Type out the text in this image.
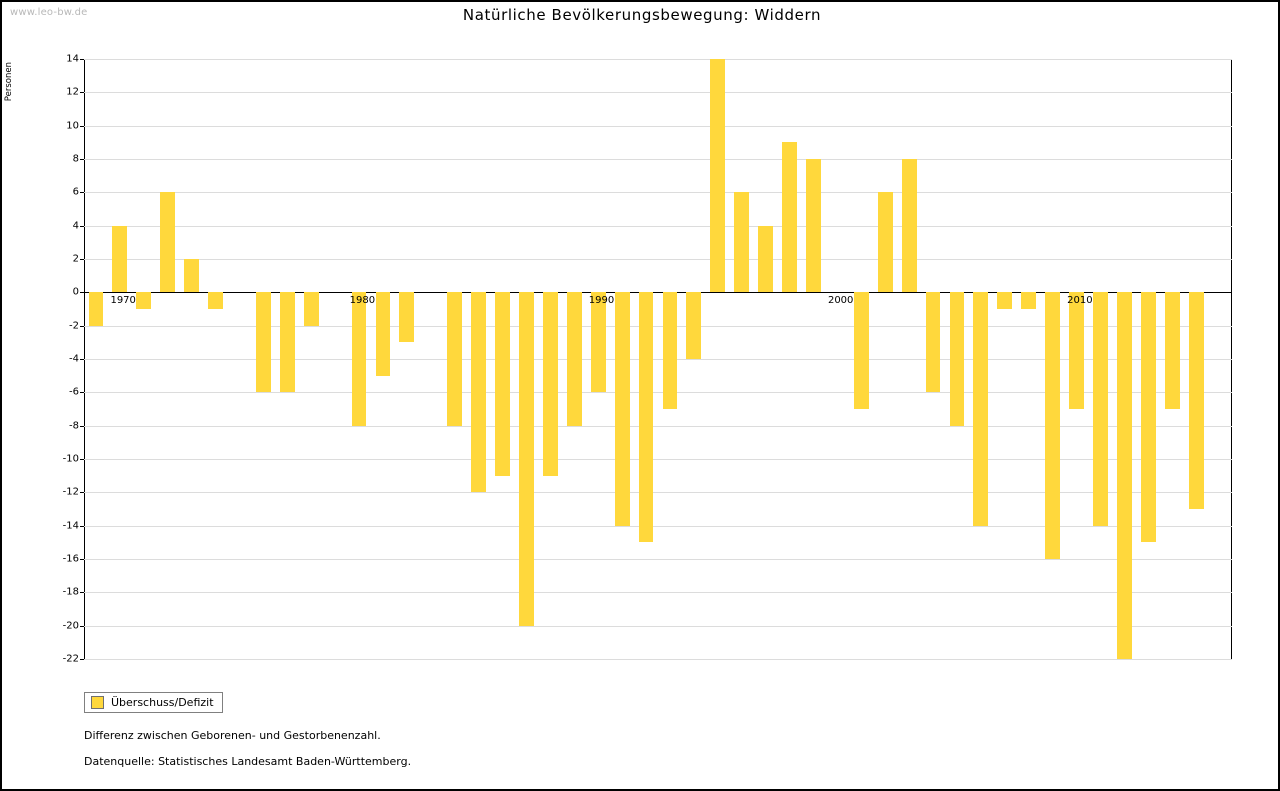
www.leo-bw.de	Natürliche Bevölkerungsbewegung: Widdern
Personen
14
12
10
8
6
4
2
0
-2
-4
-6
-8
-10
-12
-14
-16
-18
-20
-22
1970	1980	1990	2000	2010
Überschuss/Defizit
Differenz zwischen Geborenen- und Gestorbenenzahl.
Datenquelle: Statistisches Landesamt Baden-Württemberg.
